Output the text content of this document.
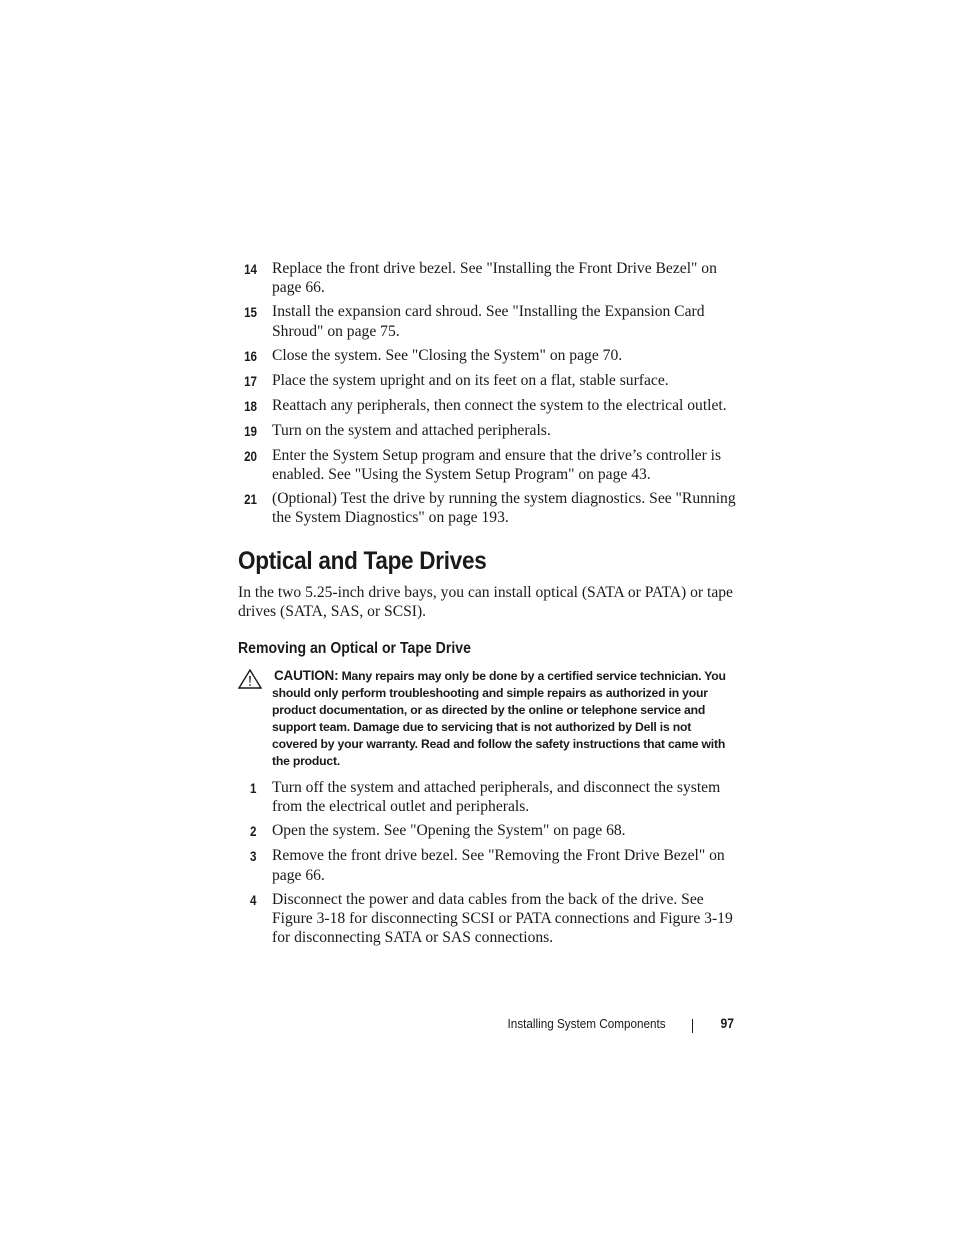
14 Replace the front drive bezel. See "Installing the Front Drive Bezel" on page 66.
15 Install the expansion card shroud. See "Installing the Expansion Card Shroud" on page 75.
16 Close the system. See "Closing the System" on page 70.
17 Place the system upright and on its feet on a flat, stable surface.
18 Reattach any peripherals, then connect the system to the electrical outlet.
19 Turn on the system and attached peripherals.
20 Enter the System Setup program and ensure that the drive’s controller is enabled. See "Using the System Setup Program" on page 43.
21 (Optional) Test the drive by running the system diagnostics. See "Running the System Diagnostics" on page 193.
Optical and Tape Drives

In the two 5.25-inch drive bays, you can install optical (SATA or PATA) or tape drives (SATA, SAS, or SCSI).

Removing an Optical or Tape Drive
CAUTION: Many repairs may only be done by a certified service technician. You should only perform troubleshooting and simple repairs as authorized in your product documentation, or as directed by the online or telephone service and support team. Damage due to servicing that is not authorized by Dell is not covered by your warranty. Read and follow the safety instructions that came with the product.
1 Turn off the system and attached peripherals, and disconnect the system from the electrical outlet and peripherals.
2 Open the system. See "Opening the System" on page 68.
3 Remove the front drive bezel. See "Removing the Front Drive Bezel" on page 66.
4 Disconnect the power and data cables from the back of the drive. See Figure 3-18 for disconnecting SCSI or PATA connections and Figure 3-19 for disconnecting SATA or SAS connections.
Installing System Components	97
